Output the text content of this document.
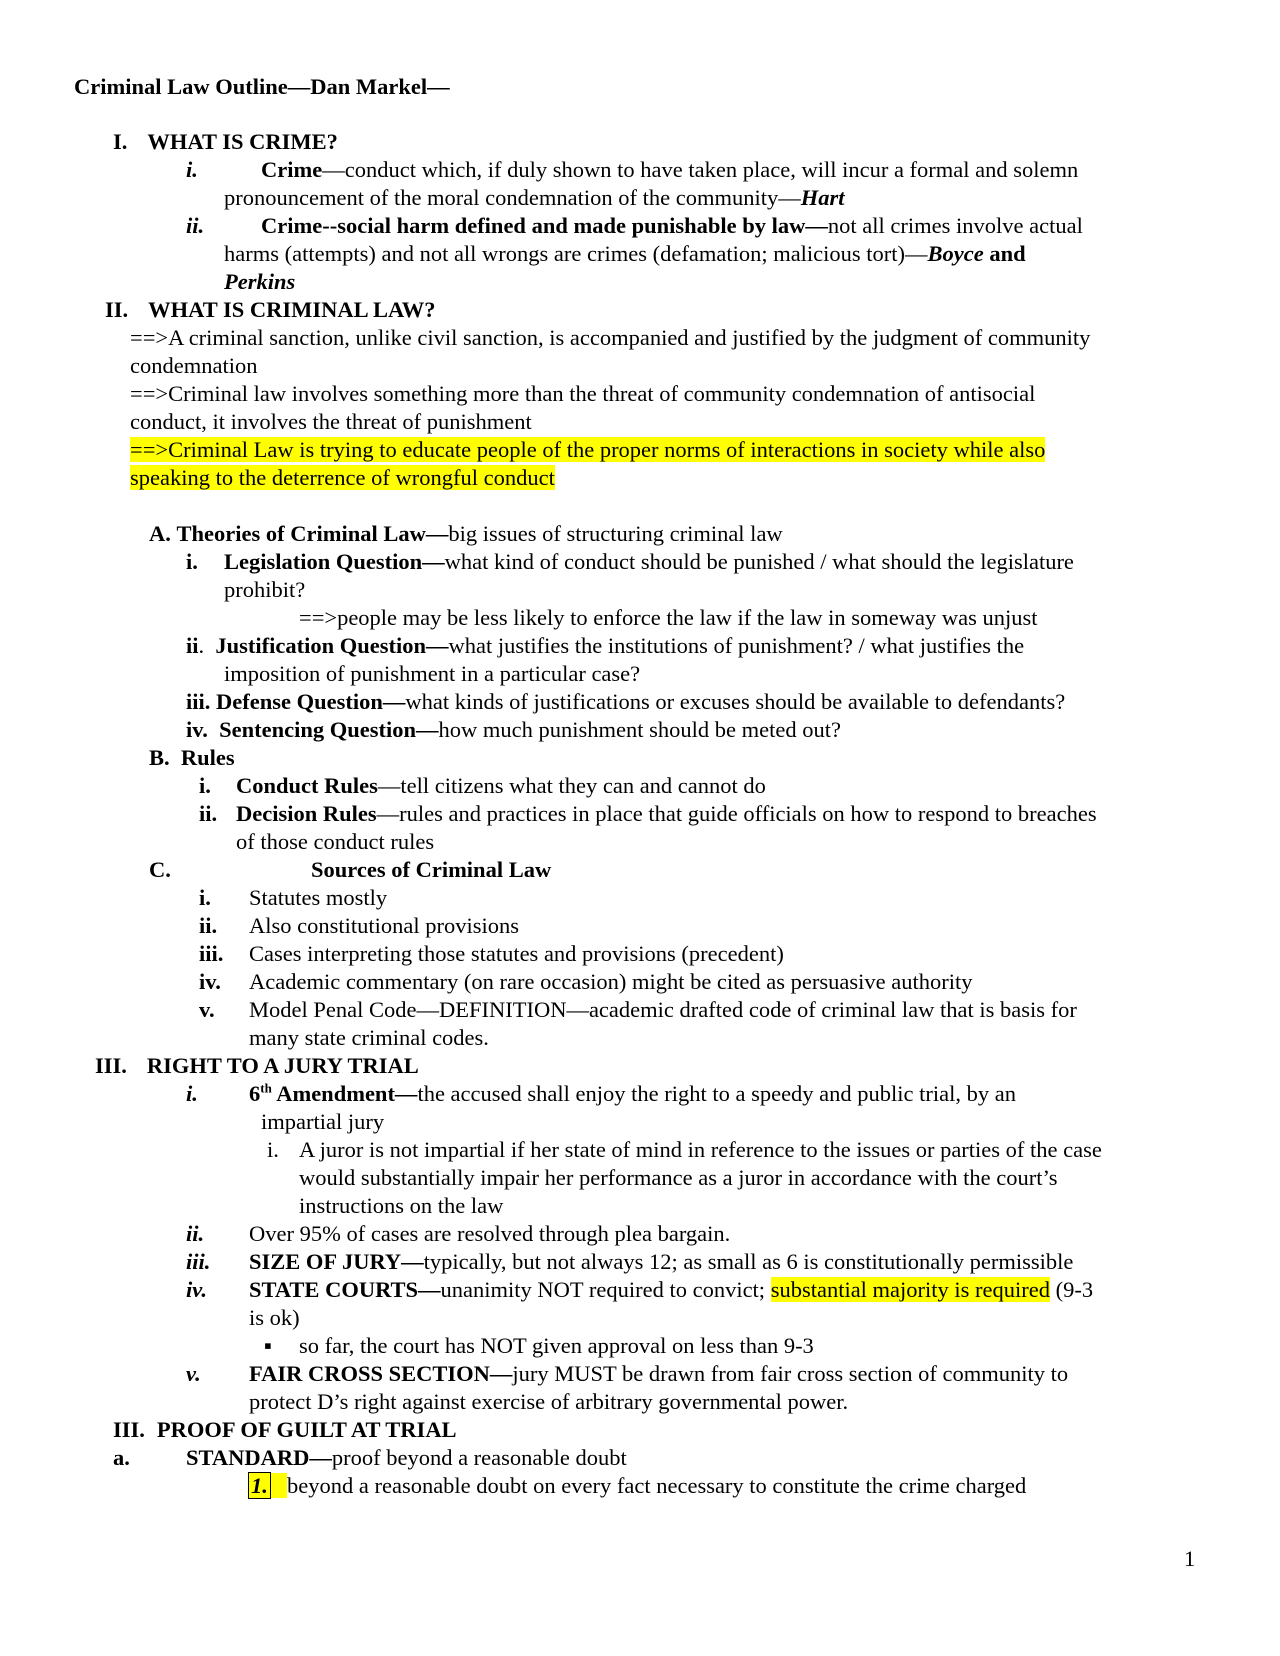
Criminal Law Outline—Dan Markel—
I. WHAT IS CRIME?
i.	Crime—conduct which, if duly shown to have taken place, will incur a formal and solemn
pronouncement of the moral condemnation of the community—Hart
ii.	Crime--social harm defined and made punishable by law—not all crimes involve actual
harms (attempts) and not all wrongs are crimes (defamation; malicious tort)—Boyce and
Perkins
II. WHAT IS CRIMINAL LAW?
==>A criminal sanction, unlike civil sanction, is accompanied and justified by the judgment of community
condemnation
==>Criminal law involves something more than the threat of community condemnation of antisocial
conduct, it involves the threat of punishment
==>Criminal Law is trying to educate people of the proper norms of interactions in society while also
speaking to the deterrence of wrongful conduct
A. Theories of Criminal Law—big issues of structuring criminal law
i. Legislation Question—what kind of conduct should be punished / what should the legislature
prohibit?
==>people may be less likely to enforce the law if the law in someway was unjust
ii. Justification Question—what justifies the institutions of punishment? / what justifies the
imposition of punishment in a particular case?
iii. Defense Question—what kinds of justifications or excuses should be available to defendants?
iv. Sentencing Question—how much punishment should be meted out?
B. Rules
i. Conduct Rules—tell citizens what they can and cannot do
ii. Decision Rules—rules and practices in place that guide officials on how to respond to breaches
of those conduct rules
C.	Sources of Criminal Law
i. Statutes mostly
ii. Also constitutional provisions
iii. Cases interpreting those statutes and provisions (precedent)
iv. Academic commentary (on rare occasion) might be cited as persuasive authority
v. Model Penal Code—DEFINITION—academic drafted code of criminal law that is basis for
many state criminal codes.
III. RIGHT TO A JURY TRIAL
i. 6th Amendment—the accused shall enjoy the right to a speedy and public trial, by an
impartial jury
i. A juror is not impartial if her state of mind in reference to the issues or parties of the case
would substantially impair her performance as a juror in accordance with the court’s
instructions on the law
ii. Over 95% of cases are resolved through plea bargain.
iii. SIZE OF JURY—typically, but not always 12; as small as 6 is constitutionally permissible
iv. STATE COURTS—unanimity NOT required to convict; substantial majority is required (9-3
is ok)
▪ so far, the court has NOT given approval on less than 9-3
v. FAIR CROSS SECTION—jury MUST be drawn from fair cross section of community to
protect D’s right against exercise of arbitrary governmental power.
III. PROOF OF GUILT AT TRIAL
a. STANDARD—proof beyond a reasonable doubt
1. beyond a reasonable doubt on every fact necessary to constitute the crime charged
1
